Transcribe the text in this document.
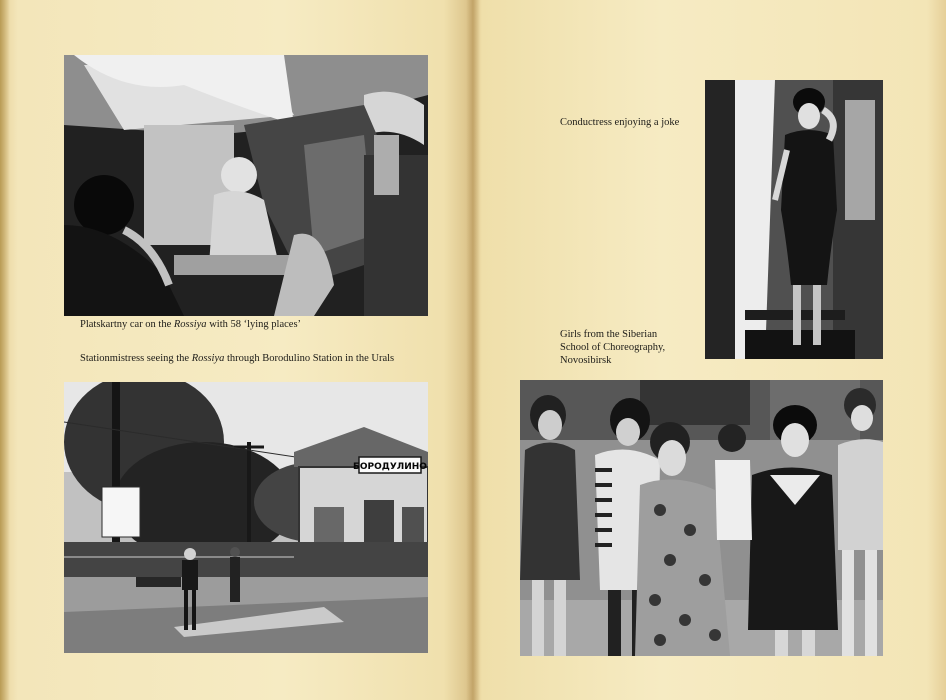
Platskartny car on the Rossiya with 58 ‘lying places’
Stationmistress seeing the Rossiya through Borodulino Station in the Urals
БОРОДУЛИНО
Conductress enjoying a joke
Girls from the Siberian
School of Choreography,
Novosibirsk
